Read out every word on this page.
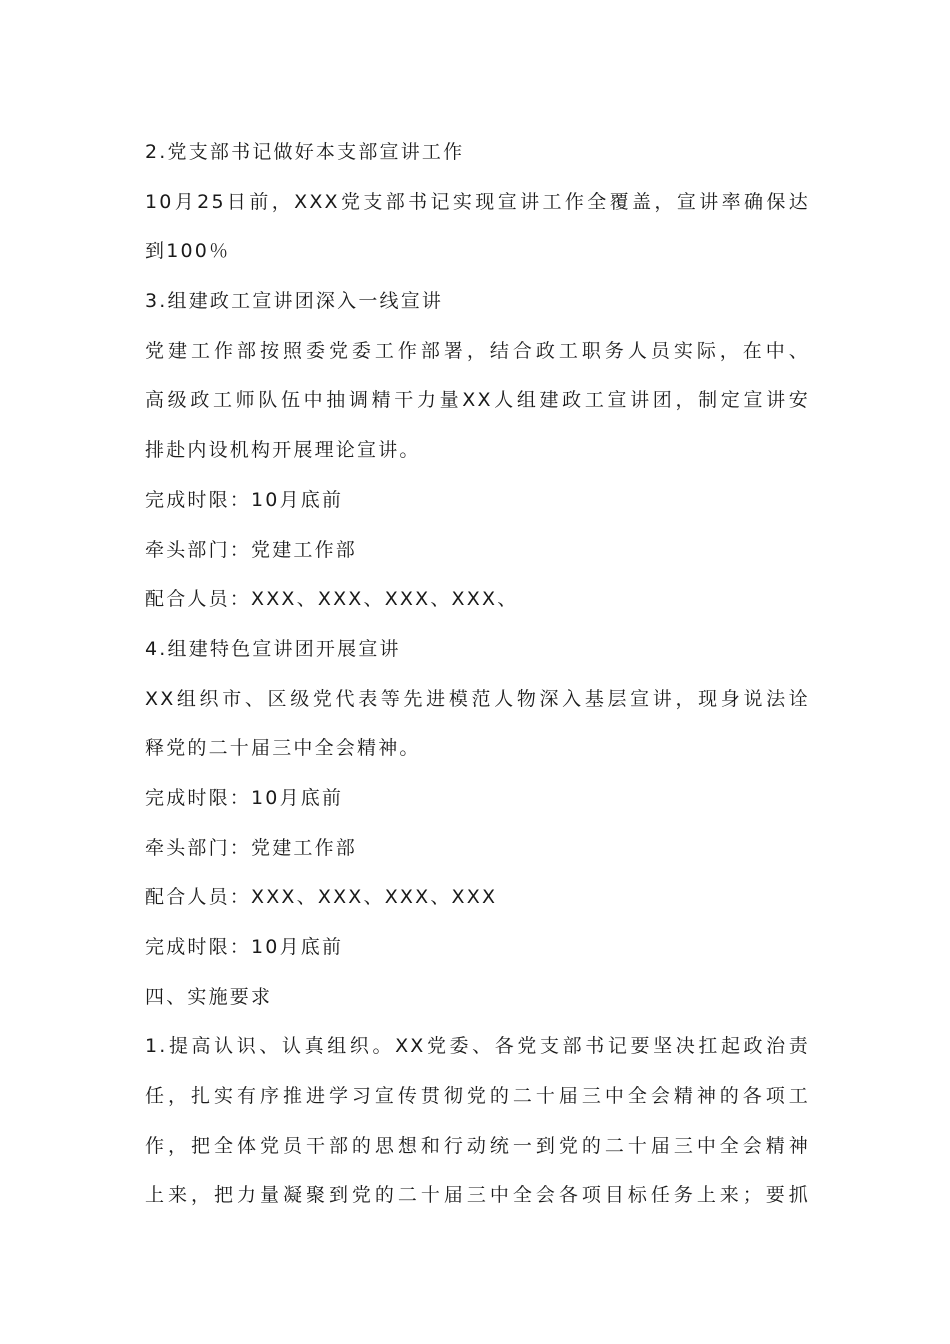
2.党支部书记做好本支部宣讲工作
10月25日前，XXX党支部书记实现宣讲工作全覆盖，宣讲率确保达
到100％
3.组建政工宣讲团深入一线宣讲
党建工作部按照委党委工作部署，结合政工职务人员实际，在中、
高级政工师队伍中抽调精干力量XX人组建政工宣讲团，制定宣讲安
排赴内设机构开展理论宣讲。
完成时限：10月底前
牵头部门：党建工作部
配合人员：XXX、XXX、XXX、XXX、
4.组建特色宣讲团开展宣讲
XX组织市、区级党代表等先进模范人物深入基层宣讲，现身说法诠
释党的二十届三中全会精神。
完成时限：10月底前
牵头部门：党建工作部
配合人员：XXX、XXX、XXX、XXX
完成时限：10月底前
四、实施要求
1.提高认识、认真组织。XX党委、各党支部书记要坚决扛起政治责
任，扎实有序推进学习宣传贯彻党的二十届三中全会精神的各项工
作，把全体党员干部的思想和行动统一到党的二十届三中全会精神
上来，把力量凝聚到党的二十届三中全会各项目标任务上来；要抓
